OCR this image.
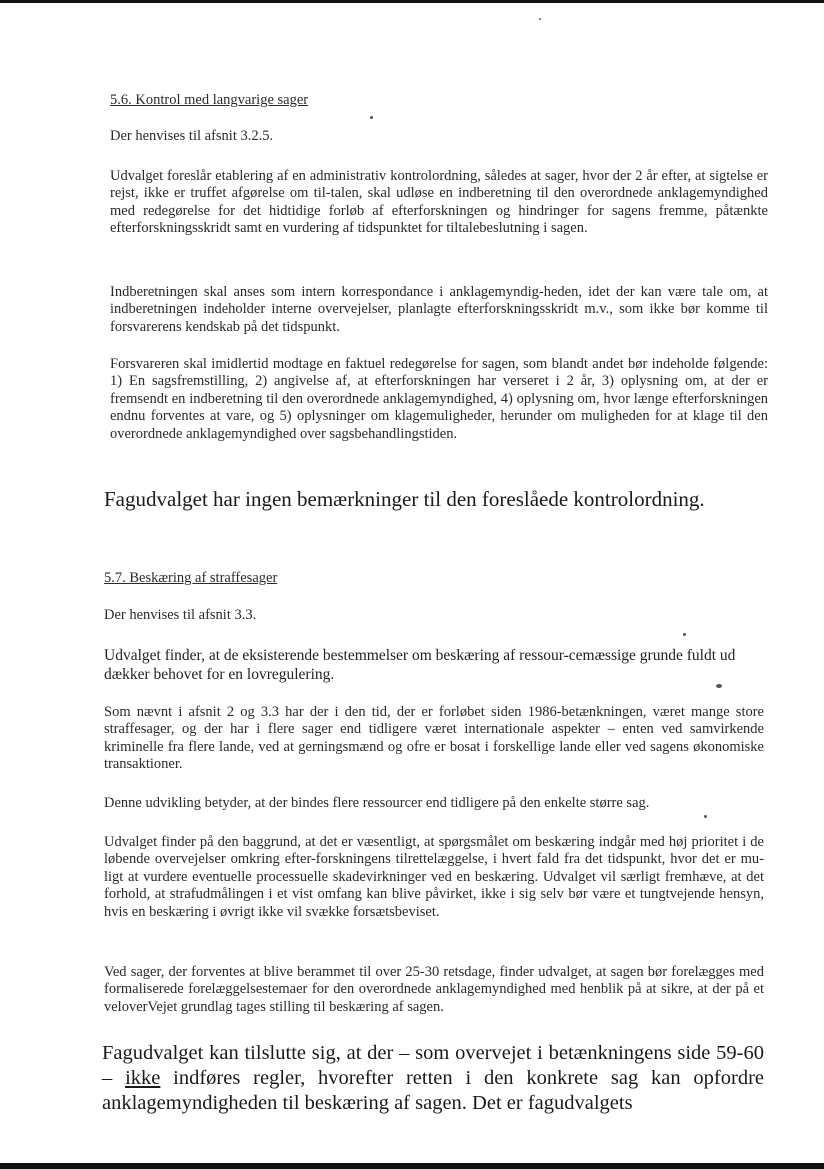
5.6. Kontrol med langvarige sager

Der henvises til afsnit 3.2.5.

Udvalget foreslår etablering af en administrativ kontrolordning, således at sager, hvor der 2 år efter, at sigtelse er rejst, ikke er truffet afgørelse om til-talen, skal udløse en indberetning til den overordnede anklagemyndighed med redegørelse for det hidtidige forløb af efterforskningen og hindringer for sagens fremme, påtænkte efterforskningsskridt samt en vurdering af tidspunktet for tiltalebeslutning i sagen.

Indberetningen skal anses som intern korrespondance i anklagemyndig-heden, idet der kan være tale om, at indberetningen indeholder interne overvejelser, planlagte efterforskningsskridt m.v., som ikke bør komme til forsvarerens kendskab på det tidspunkt.

Forsvareren skal imidlertid modtage en faktuel redegørelse for sagen, som blandt andet bør indeholde følgende: 1) En sagsfremstilling, 2) angivelse af, at efterforskningen har verseret i 2 år, 3) oplysning om, at der er fremsendt en indberetning til den overordnede anklagemyndighed, 4) oplysning om, hvor længe efterforskningen endnu forventes at vare, og 5) oplysninger om klagemuligheder, herunder om muligheden for at klage til den overordnede anklagemyndighed over sagsbehandlingstiden.

Fagudvalget har ingen bemærkninger til den foreslåede kontrolordning.

5.7. Beskæring af straffesager

Der henvises til afsnit 3.3.

Udvalget finder, at de eksisterende bestemmelser om beskæring af ressour-cemæssige grunde fuldt ud dækker behovet for en lovregulering.

Som nævnt i afsnit 2 og 3.3 har der i den tid, der er forløbet siden 1986-betænkningen, været mange store straffesager, og der har i flere sager end tidligere været internationale aspekter – enten ved samvirkende kriminelle fra flere lande, ved at gerningsmænd og ofre er bosat i forskellige lande eller ved sagens økonomiske transaktioner.

Denne udvikling betyder, at der bindes flere ressourcer end tidligere på den enkelte større sag.

Udvalget finder på den baggrund, at det er væsentligt, at spørgsmålet om beskæring indgår med høj prioritet i de løbende overvejelser omkring efter-forskningens tilrettelæggelse, i hvert fald fra det tidspunkt, hvor det er mu-ligt at vurdere eventuelle processuelle skadevirkninger ved en beskæring. Udvalget vil særligt fremhæve, at det forhold, at strafudmålingen i et vist omfang kan blive påvirket, ikke i sig selv bør være et tungtvejende hensyn, hvis en beskæring i øvrigt ikke vil svække forsætsbeviset.

Ved sager, der forventes at blive berammet til over 25-30 retsdage, finder udvalget, at sagen bør forelægges med formaliserede forelæggelsestemaer for den overordnede anklagemyndighed med henblik på at sikre, at der på et veloverVejet grundlag tages stilling til beskæring af sagen.

Fagudvalget kan tilslutte sig, at der – som overvejet i betænkningens side 59-60 – ikke indføres regler, hvorefter retten i den konkrete sag kan opfordre anklagemyndigheden til beskæring af sagen. Det er fagudvalgets
